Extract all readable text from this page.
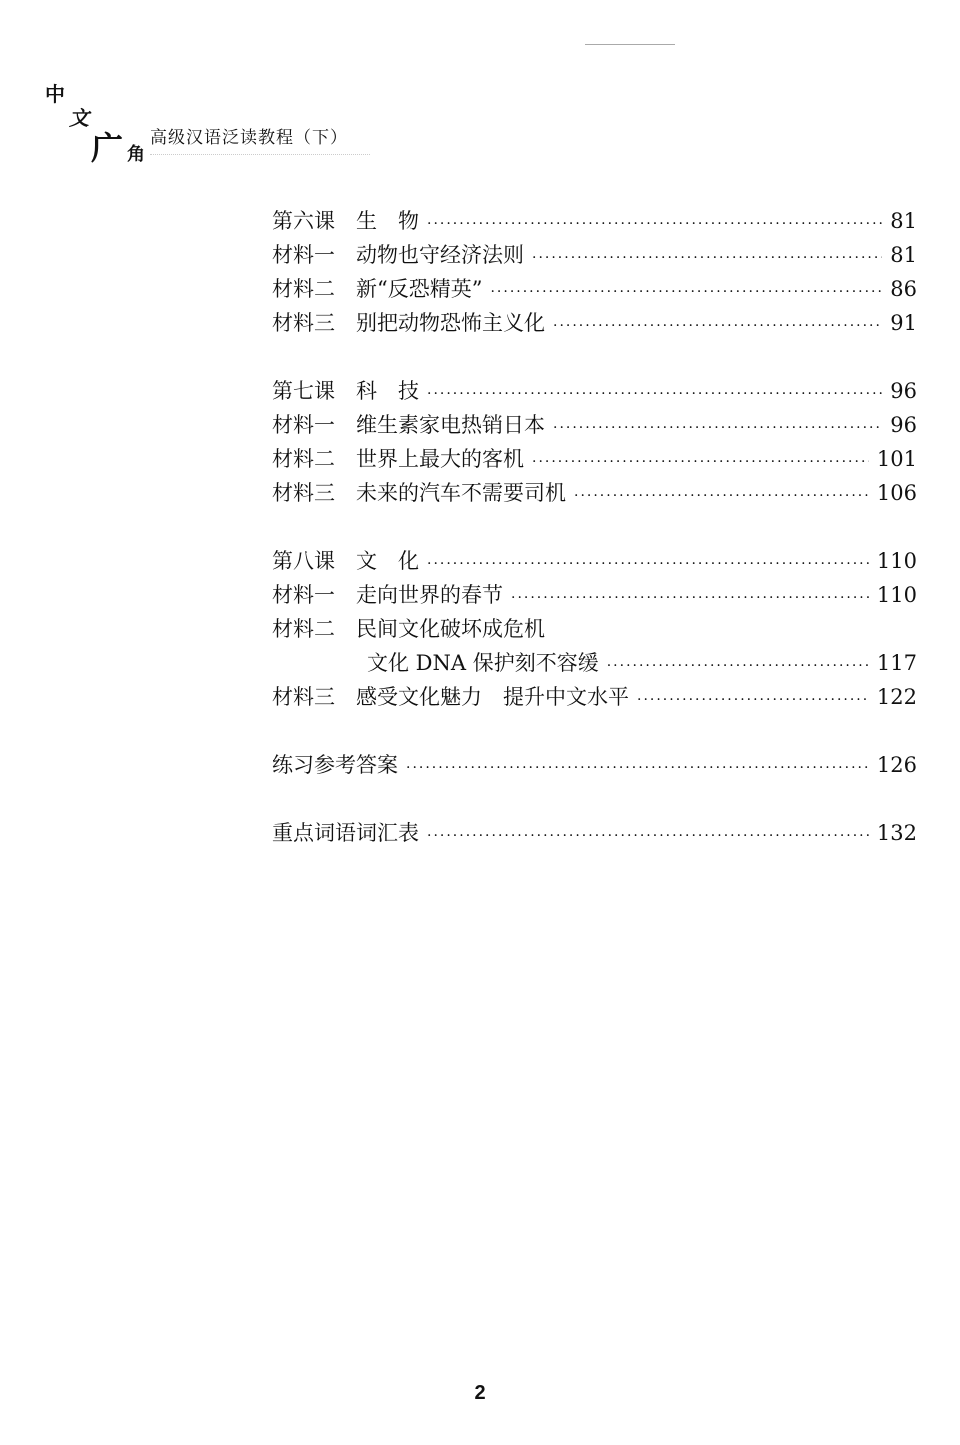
中
文
广 角
高级汉语泛读教程（下）
第六课　生　物 ·····	81
材料一　动物也守经济法则 ·····	81
材料二　新“反恐精英” ·····	86
材料三　别把动物恐怖主义化 ·····	91
第七课　科　技 ·····	96
材料一　维生素家电热销日本 ·····	96
材料二　世界上最大的客机 ·····	101
材料三　未来的汽车不需要司机 ·····	106
第八课　文　化 ·····	110
材料一　走向世界的春节 ·····	110
材料二　民间文化破坏成危机
文化 DNA 保护刻不容缓 ·····	117
材料三　感受文化魅力　提升中文水平 ·····	122
练习参考答案 ·····	126
重点词语词汇表 ·····	132
2
